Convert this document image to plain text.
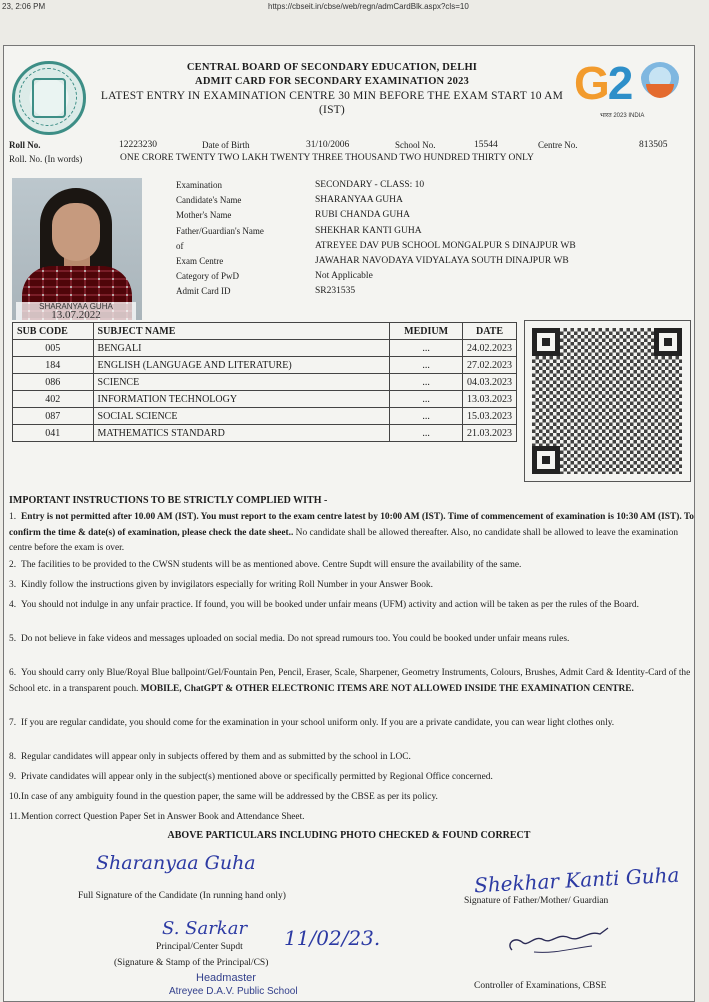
23, 2:06 PM	https://cbseit.in/cbse/web/regn/admCardBlk.aspx?cls=10
G2
भारत 2023 INDIA
CENTRAL BOARD OF SECONDARY EDUCATION, DELHI
ADMIT CARD FOR SECONDARY EXAMINATION 2023
LATEST ENTRY IN EXAMINATION CENTRE 30 MIN BEFORE THE EXAM START 10 AM
(IST)
Roll No.	12223230	Date of Birth	31/10/2006	School No.	15544	Centre No.	813505
Roll. No. (In words)	ONE CRORE TWENTY TWO LAKH TWENTY THREE THOUSAND TWO HUNDRED THIRTY ONLY
SHARANYAA GUHA
13.07.2022
Examination	SECONDARY - CLASS: 10
Candidate's Name	SHARANYAA GUHA
Mother's Name	RUBI CHANDA GUHA
Father/Guardian's Name	SHEKHAR KANTI GUHA
of	ATREYEE DAV PUB SCHOOL MONGALPUR S DINAJPUR WB
Exam Centre	JAWAHAR NAVODAYA VIDYALAYA SOUTH DINAJPUR WB
Category of PwD	Not Applicable
Admit Card ID	SR231535
SUB CODE	SUBJECT NAME	MEDIUM	DATE
005	BENGALI	...	24.02.2023
184	ENGLISH (LANGUAGE AND LITERATURE)	...	27.02.2023
086	SCIENCE	...	04.03.2023
402	INFORMATION TECHNOLOGY	...	13.03.2023
087	SOCIAL SCIENCE	...	15.03.2023
041	MATHEMATICS STANDARD	...	21.03.2023
IMPORTANT INSTRUCTIONS TO BE STRICTLY COMPLIED WITH -
1. Entry is not permitted after 10.00 AM (IST). You must report to the exam centre latest by 10:00 AM (IST). Time of commencement of examination is 10:30 AM (IST). To confirm the time & date(s) of examination, please check the date sheet.. No candidate shall be allowed thereafter. Also, no candidate shall be allowed to leave the examination centre before the exam is over.
2. The facilities to be provided to the CWSN students will be as mentioned above. Centre Supdt will ensure the availability of the same.
3. Kindly follow the instructions given by invigilators especially for writing Roll Number in your Answer Book.
4. You should not indulge in any unfair practice. If found, you will be booked under unfair means (UFM) activity and action will be taken as per the rules of the Board.
5. Do not believe in fake videos and messages uploaded on social media. Do not spread rumours too. You could be booked under unfair means rules.
6. You should carry only Blue/Royal Blue ballpoint/Gel/Fountain Pen, Pencil, Eraser, Scale, Sharpener, Geometry Instruments, Colours, Brushes, Admit Card & Identity-Card of the School etc. in a transparent pouch. MOBILE, ChatGPT & OTHER ELECTRONIC ITEMS ARE NOT ALLOWED INSIDE THE EXAMINATION CENTRE.
7. If you are regular candidate, you should come for the examination in your school uniform only. If you are a private candidate, you can wear light clothes only.
8. Regular candidates will appear only in subjects offered by them and as submitted by the school in LOC.
9. Private candidates will appear only in the subject(s) mentioned above or specifically permitted by Regional Office concerned.
10.In case of any ambiguity found in the question paper, the same will be addressed by the CBSE as per its policy.
11.Mention correct Question Paper Set in Answer Book and Attendance Sheet.
ABOVE PARTICULARS INCLUDING PHOTO CHECKED & FOUND CORRECT
Sharanyaa Guha
Full Signature of the Candidate (In running hand only)	Shekhar Kanti Guha
Signature of Father/Mother/ Guardian
S. Sarkar 11/02/23.
Principal/Center Supdt
(Signature & Stamp of the Principal/CS)
Headmaster
Atreyee D.A.V. Public School	Controller of Examinations, CBSE
